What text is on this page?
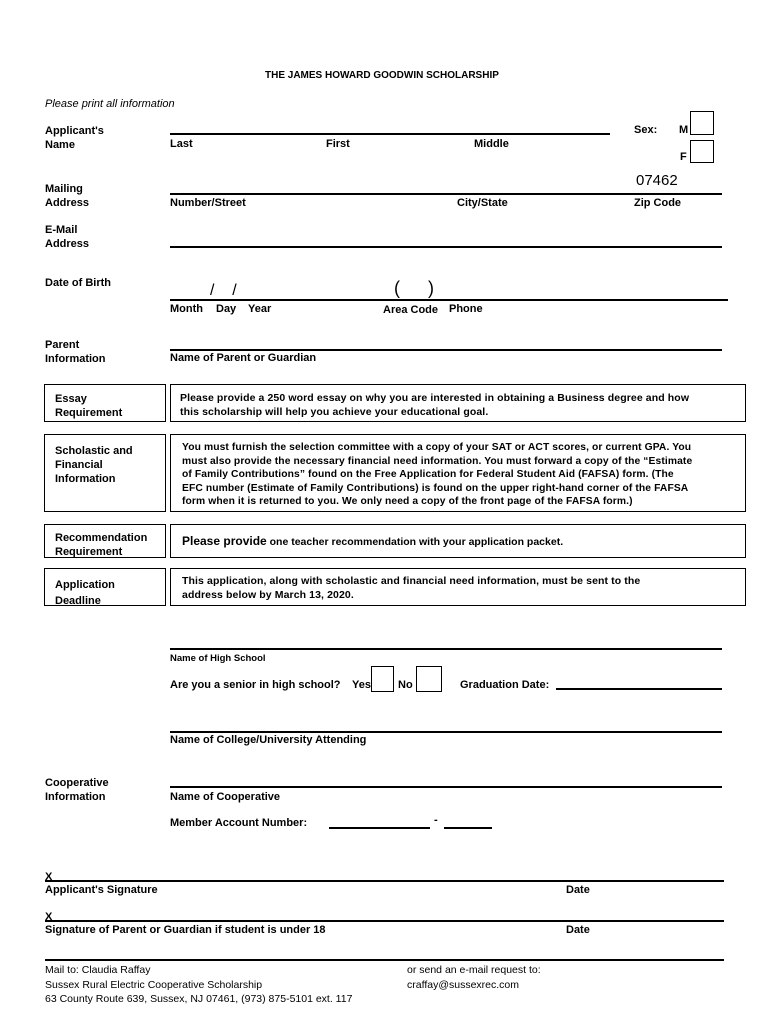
THE JAMES HOWARD GOODWIN SCHOLARSHIP
Please print all information
Applicant's
Name	Last	First	Middle
Sex: M
F
Mailing
Address
07462
Number/Street	City/State	Zip Code
E-Mail
Address
Date of Birth	/    /	( )
Month Day Year	Area Code Phone
Parent
Information	Name of Parent or Guardian
Essay
Requirement
Please provide a 250 word essay on why you are interested in obtaining a Business degree and how
this scholarship will help you achieve your educational goal.
Scholastic and
Financial
Information
You must furnish the selection committee with a copy of your SAT or ACT scores, or current GPA. You
must also provide the necessary financial need information. You must forward a copy of the “Estimate
of Family Contributions” found on the Free Application for Federal Student Aid (FAFSA) form. (The
EFC number (Estimate of Family Contributions) is found on the upper right-hand corner of the FAFSA
form when it is returned to you. We only need a copy of the front page of the FAFSA form.)
Recommendation
Requirement
Please provide one teacher recommendation with your application packet.
Application
Deadline
This application, along with scholastic and financial need information, must be sent to the
address below by March 13, 2020.
Name of High School
Are you a senior in high school? Yes No	Graduation Date:
Name of College/University Attending
Cooperative
Information	Name of Cooperative
Member Account Number:	-
X
Applicant's Signature	Date
X
Signature of Parent or Guardian if student is under 18	Date
Mail to: Claudia Raffay
Sussex Rural Electric Cooperative Scholarship
63 County Route 639, Sussex, NJ 07461, (973) 875-5101 ext. 117
or send an e-mail request to:
craffay@sussexrec.com
